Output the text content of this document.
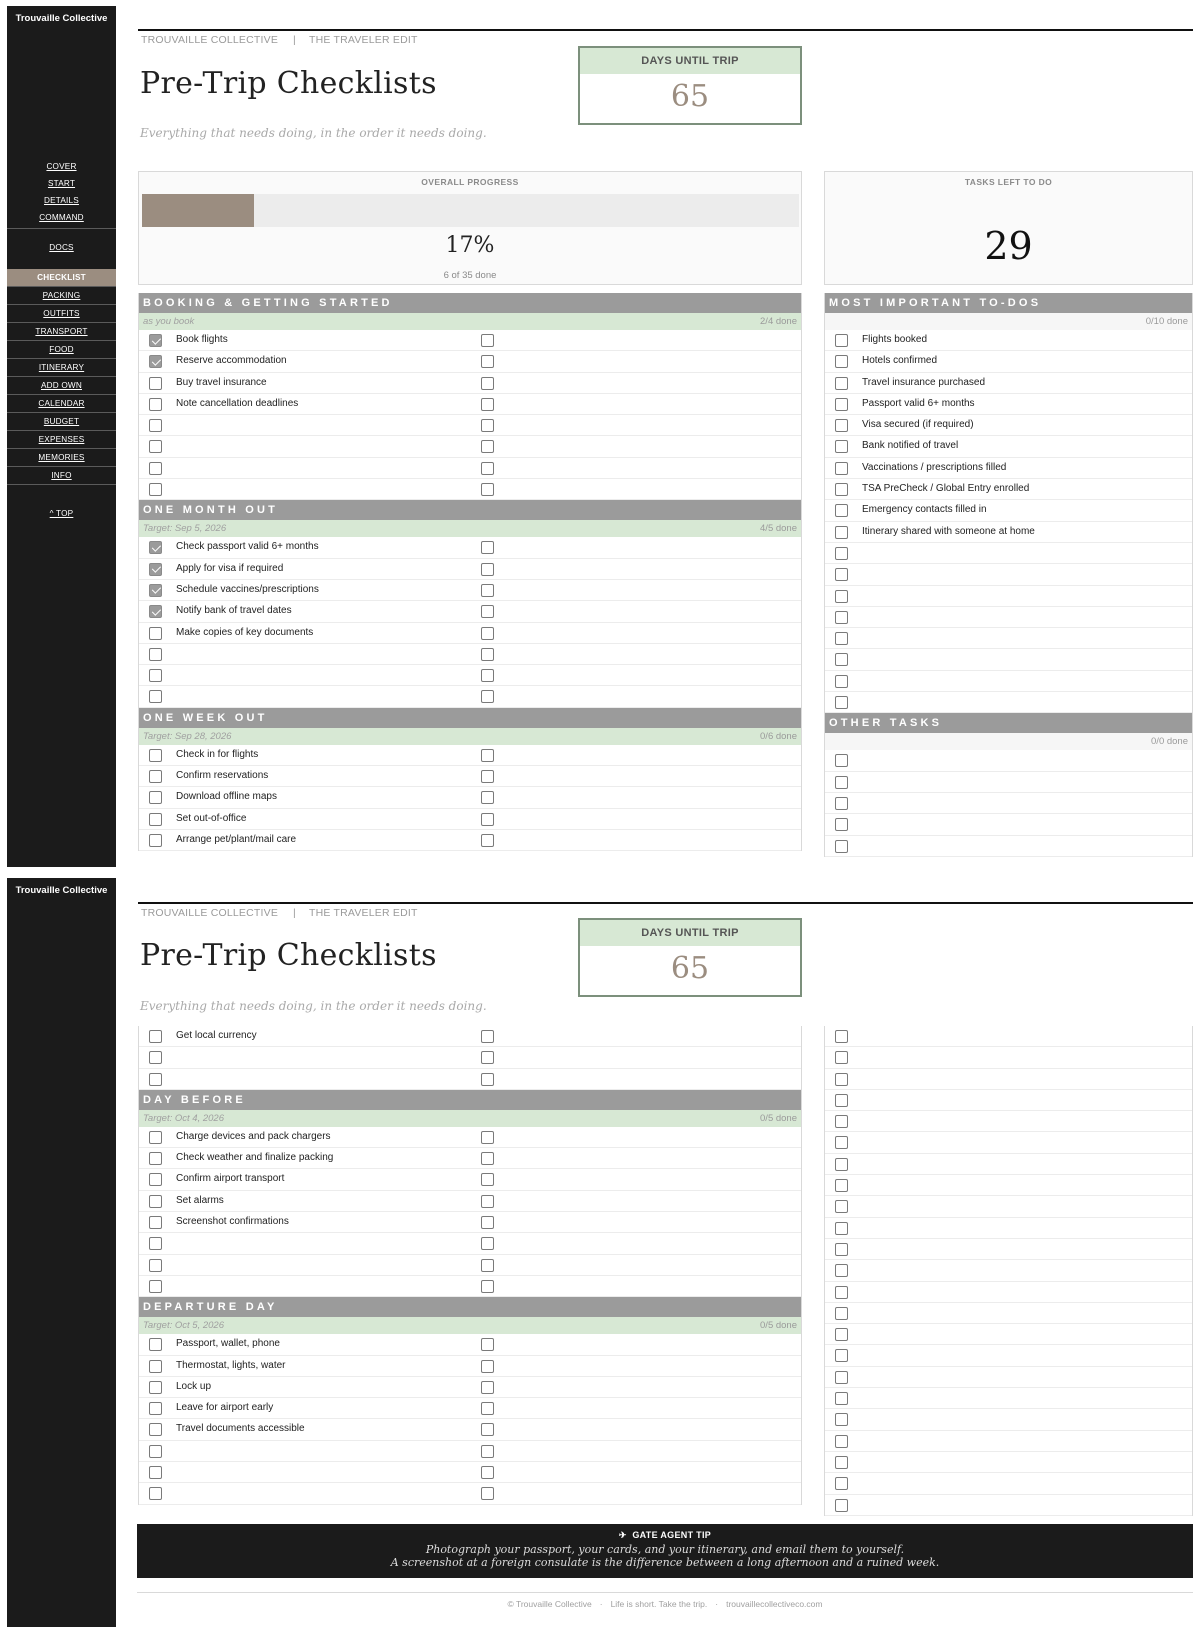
Trouvaille Collective
COVER
START
DETAILS
COMMAND
DOCS
CHECKLIST
PACKING
OUTFITS
TRANSPORT
FOOD
ITINERARY
ADD OWN
CALENDAR
BUDGET
EXPENSES
MEMORIES
INFO
^ TOP
TROUVAILLE COLLECTIVE | THE TRAVELER EDIT
Pre-Trip Checklists
Everything that needs doing, in the order it needs doing.
DAYS UNTIL TRIP
65
OVERALL PROGRESS
17%
6 of 35 done
TASKS LEFT TO DO
29
BOOKING & GETTING STARTED
as you book	2/4 done
Book flights
Reserve accommodation
Buy travel insurance
Note cancellation deadlines
ONE MONTH OUT
Target: Sep 5, 2026	4/5 done
Check passport valid 6+ months
Apply for visa if required
Schedule vaccines/prescriptions
Notify bank of travel dates
Make copies of key documents
ONE WEEK OUT
Target: Sep 28, 2026	0/6 done
Check in for flights
Confirm reservations
Download offline maps
Set out-of-office
Arrange pet/plant/mail care
MOST IMPORTANT TO-DOS
0/10 done
Flights booked
Hotels confirmed
Travel insurance purchased
Passport valid 6+ months
Visa secured (if required)
Bank notified of travel
Vaccinations / prescriptions filled
TSA PreCheck / Global Entry enrolled
Emergency contacts filled in
Itinerary shared with someone at home
OTHER TASKS
0/0 done
Trouvaille Collective
TROUVAILLE COLLECTIVE | THE TRAVELER EDIT
Pre-Trip Checklists
Everything that needs doing, in the order it needs doing.
DAYS UNTIL TRIP
65
Get local currency
DAY BEFORE
Target: Oct 4, 2026	0/5 done
Charge devices and pack chargers
Check weather and finalize packing
Confirm airport transport
Set alarms
Screenshot confirmations
DEPARTURE DAY
Target: Oct 5, 2026	0/5 done
Passport, wallet, phone
Thermostat, lights, water
Lock up
Leave for airport early
Travel documents accessible
✈ GATE AGENT TIP
Photograph your passport, your cards, and your itinerary, and email them to yourself.
A screenshot at a foreign consulate is the difference between a long afternoon and a ruined week.
© Trouvaille Collective · Life is short. Take the trip. · trouvaillecollectiveco.com
